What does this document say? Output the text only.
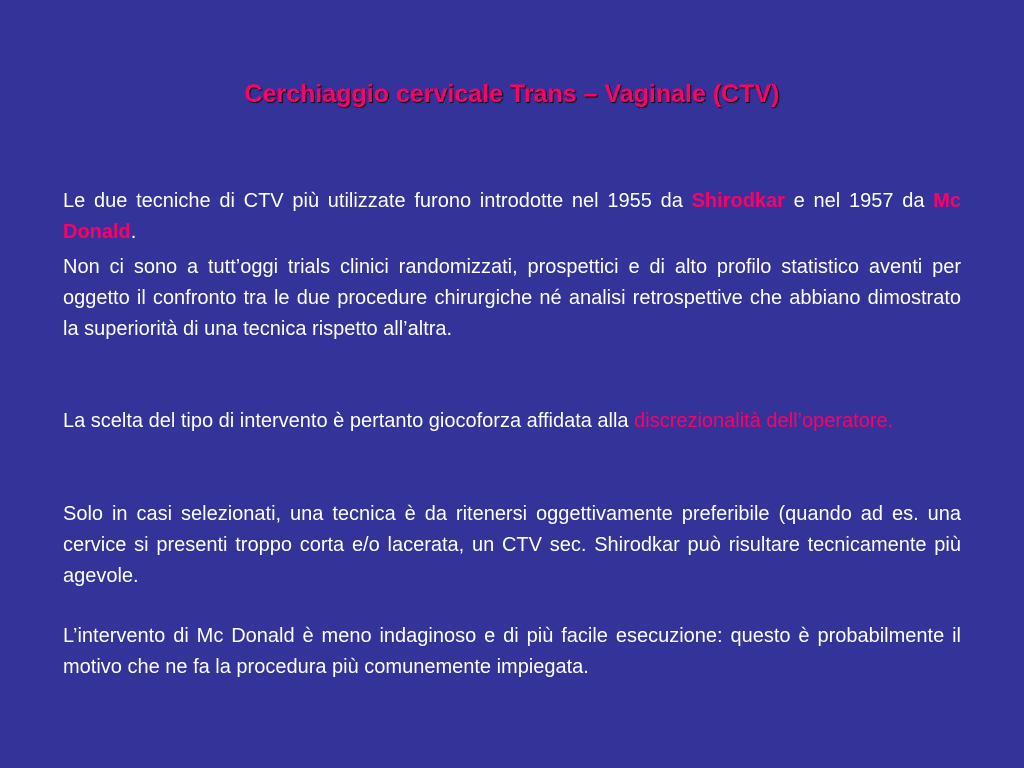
Cerchiaggio cervicale Trans – Vaginale (CTV)

Le due tecniche di CTV più utilizzate furono introdotte nel 1955 da Shirodkar e nel 1957 da Mc Donald.

Non ci sono a tutt’oggi trials clinici randomizzati, prospettici e di alto profilo statistico aventi per oggetto il confronto tra le due procedure chirurgiche né analisi retrospettive che abbiano dimostrato la superiorità di una tecnica rispetto all’altra.

La scelta del tipo di intervento è pertanto giocoforza affidata alla discrezionalità dell’operatore.

Solo in casi selezionati, una tecnica è da ritenersi oggettivamente preferibile (quando ad es. una cervice si presenti troppo corta e/o lacerata, un CTV sec. Shirodkar può risultare tecnicamente più agevole.

L’intervento di Mc Donald è meno indaginoso e di più facile esecuzione: questo è probabilmente il motivo che ne fa la procedura più comunemente impiegata.
